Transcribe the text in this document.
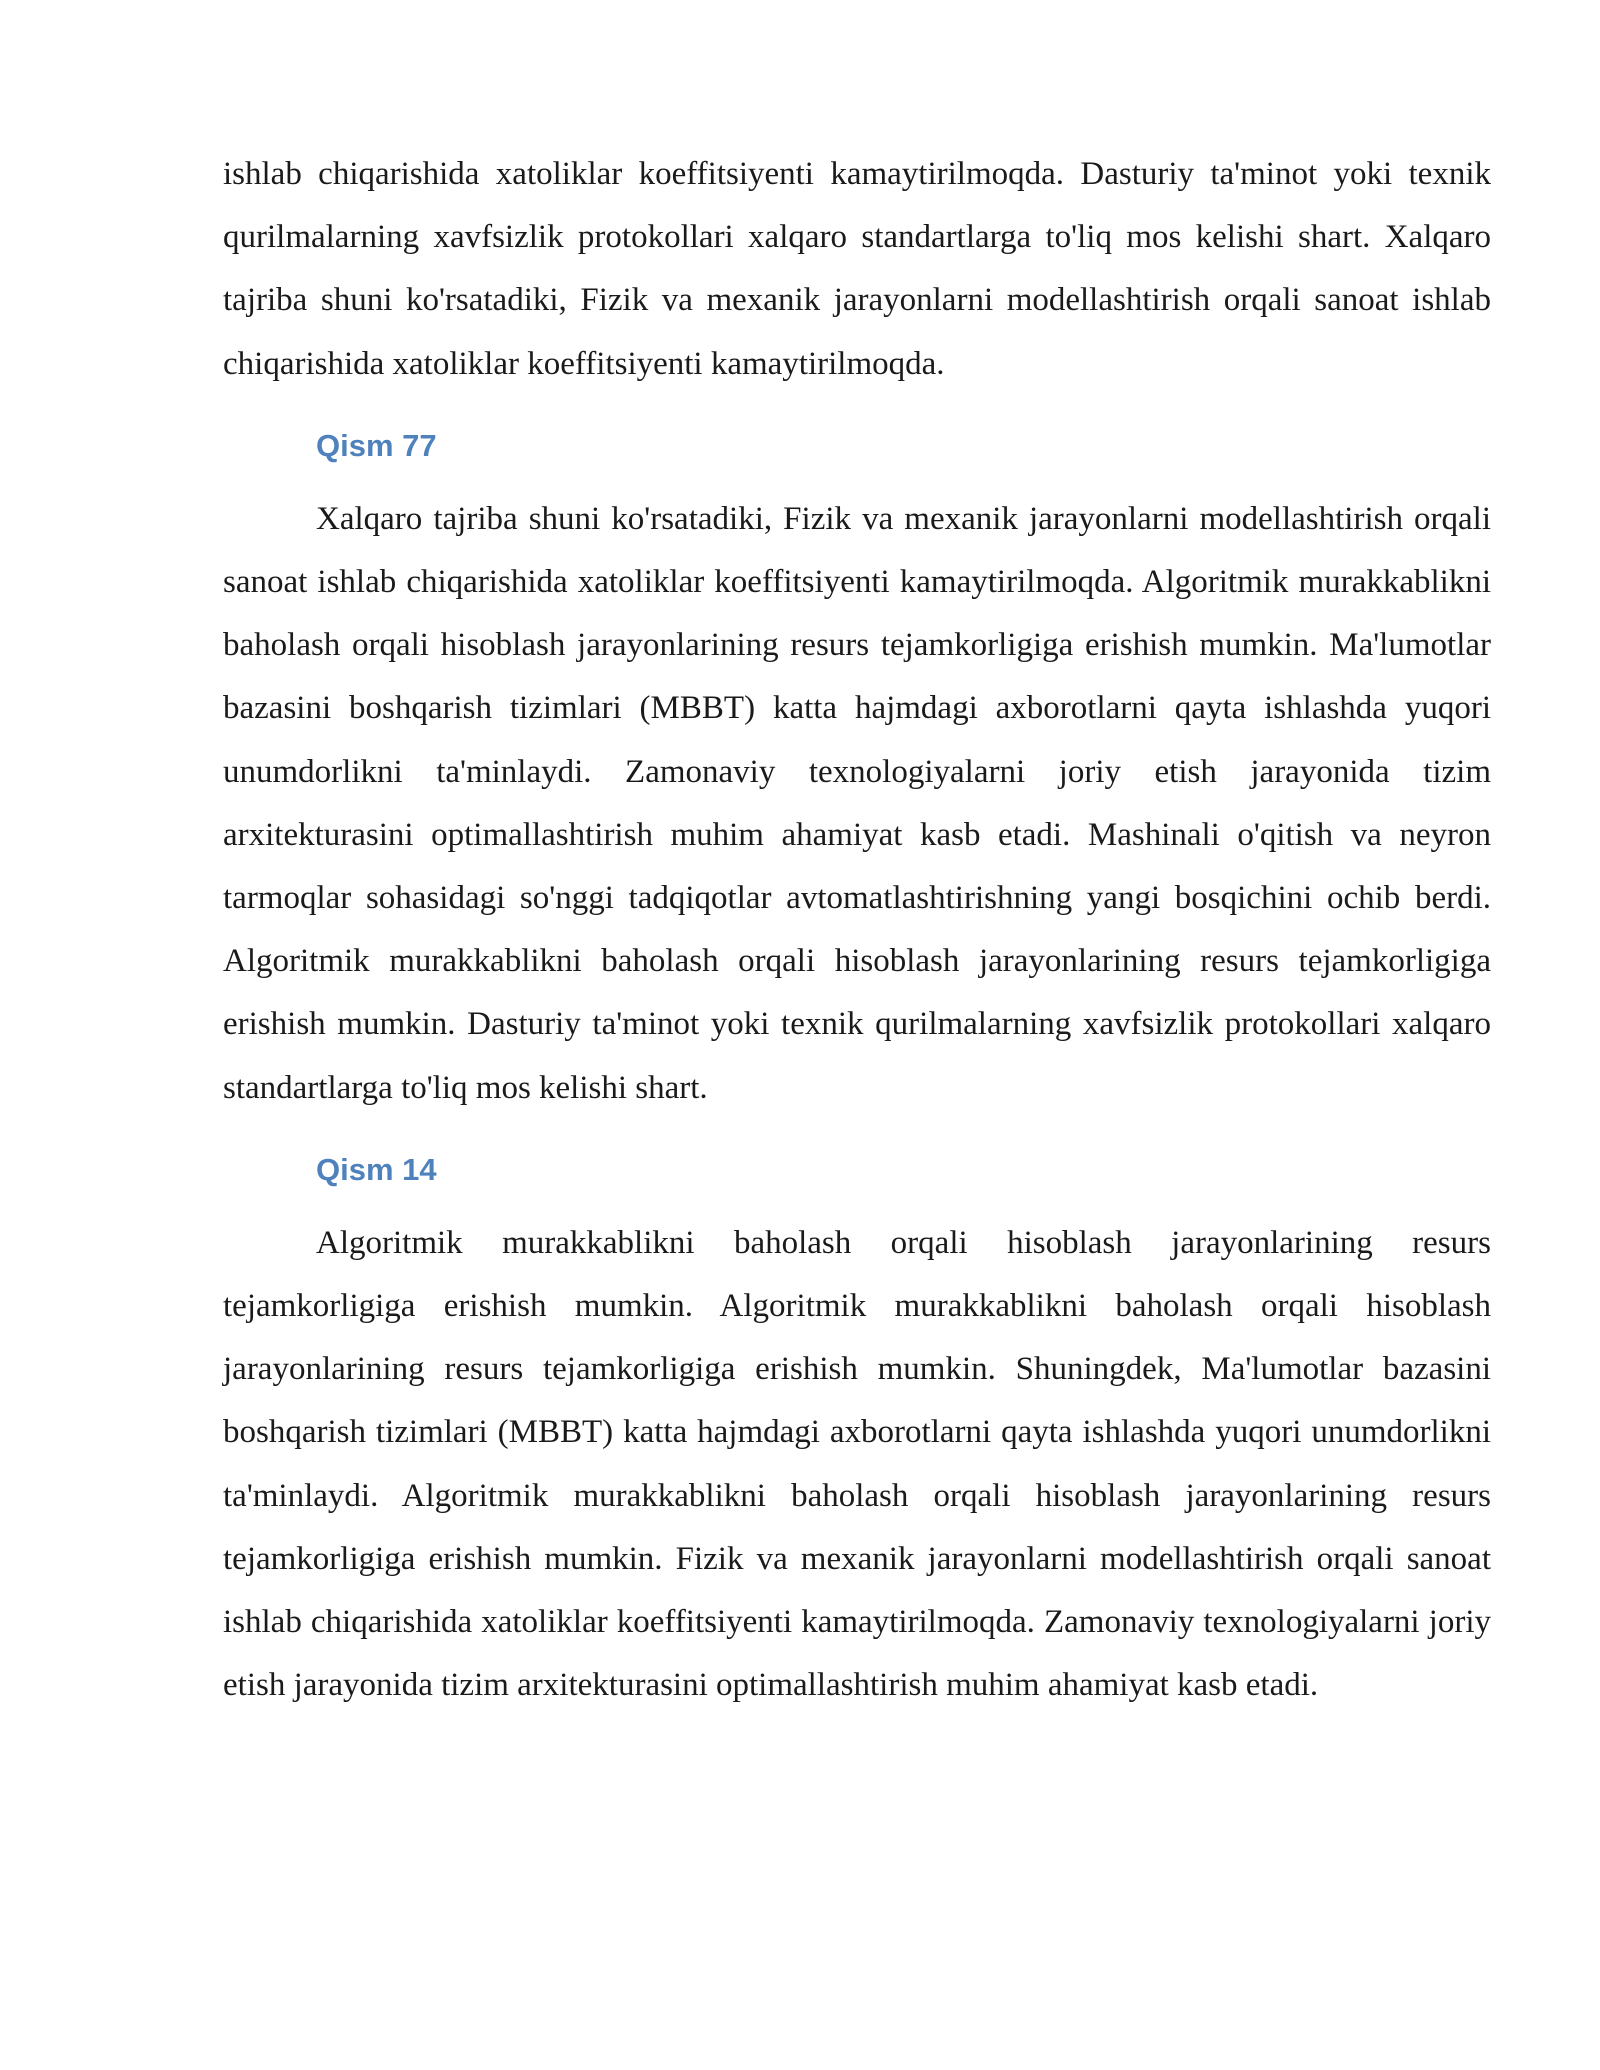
ishlab chiqarishida xatoliklar koeffitsiyenti kamaytirilmoqda. Dasturiy ta'minot yoki texnik qurilmalarning xavfsizlik protokollari xalqaro standartlarga to'liq mos kelishi shart. Xalqaro tajriba shuni ko'rsatadiki, Fizik va mexanik jarayonlarni modellashtirish orqali sanoat ishlab chiqarishida xatoliklar koeffitsiyenti kamaytirilmoqda.

Qism 77

Xalqaro tajriba shuni ko'rsatadiki, Fizik va mexanik jarayonlarni modellashtirish orqali sanoat ishlab chiqarishida xatoliklar koeffitsiyenti kamaytirilmoqda. Algoritmik murakkablikni baholash orqali hisoblash jarayonlarining resurs tejamkorligiga erishish mumkin. Ma'lumotlar bazasini boshqarish tizimlari (MBBT) katta hajmdagi axborotlarni qayta ishlashda yuqori unumdorlikni ta'minlaydi. Zamonaviy texnologiyalarni joriy etish jarayonida tizim arxitekturasini optimallashtirish muhim ahamiyat kasb etadi. Mashinali o'qitish va neyron tarmoqlar sohasidagi so'nggi tadqiqotlar avtomatlashtirishning yangi bosqichini ochib berdi. Algoritmik murakkablikni baholash orqali hisoblash jarayonlarining resurs tejamkorligiga erishish mumkin. Dasturiy ta'minot yoki texnik qurilmalarning xavfsizlik protokollari xalqaro standartlarga to'liq mos kelishi shart.

Qism 14

Algoritmik murakkablikni baholash orqali hisoblash jarayonlarining resurs tejamkorligiga erishish mumkin. Algoritmik murakkablikni baholash orqali hisoblash jarayonlarining resurs tejamkorligiga erishish mumkin. Shuningdek, Ma'lumotlar bazasini boshqarish tizimlari (MBBT) katta hajmdagi axborotlarni qayta ishlashda yuqori unumdorlikni ta'minlaydi. Algoritmik murakkablikni baholash orqali hisoblash jarayonlarining resurs tejamkorligiga erishish mumkin. Fizik va mexanik jarayonlarni modellashtirish orqali sanoat ishlab chiqarishida xatoliklar koeffitsiyenti kamaytirilmoqda. Zamonaviy texnologiyalarni joriy etish jarayonida tizim arxitekturasini optimallashtirish muhim ahamiyat kasb etadi.
